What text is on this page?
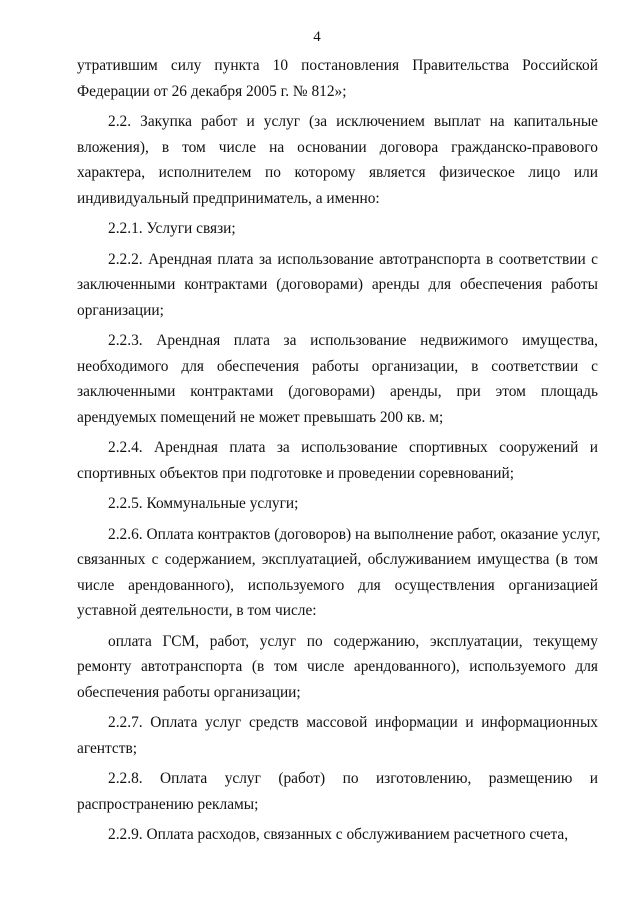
4
утратившим силу пункта 10 постановления Правительства Российской
Федерации от 26 декабря 2005 г. № 812»;
2.2. Закупка работ и услуг (за исключением выплат на капитальные
вложения), в том числе на основании договора гражданско-правового
характера, исполнителем по которому является физическое лицо или
индивидуальный предприниматель, а именно:
2.2.1. Услуги связи;
2.2.2. Арендная плата за использование автотранспорта в соответствии с
заключенными контрактами (договорами) аренды для обеспечения работы
организации;
2.2.3. Арендная плата за использование недвижимого имущества,
необходимого для обеспечения работы организации, в соответствии с
заключенными контрактами (договорами) аренды, при этом площадь
арендуемых помещений не может превышать 200 кв. м;
2.2.4. Арендная плата за использование спортивных сооружений и
спортивных объектов при подготовке и проведении соревнований;
2.2.5. Коммунальные услуги;
2.2.6. Оплата контрактов (договоров) на выполнение работ, оказание услуг,
связанных с содержанием, эксплуатацией, обслуживанием имущества (в том
числе арендованного), используемого для осуществления организацией
уставной деятельности, в том числе:
оплата ГСМ, работ, услуг по содержанию, эксплуатации, текущему
ремонту автотранспорта (в том числе арендованного), используемого для
обеспечения работы организации;
2.2.7. Оплата услуг средств массовой информации и информационных
агентств;
2.2.8. Оплата услуг (работ) по изготовлению, размещению и
распространению рекламы;
2.2.9. Оплата расходов, связанных с обслуживанием расчетного счета,
